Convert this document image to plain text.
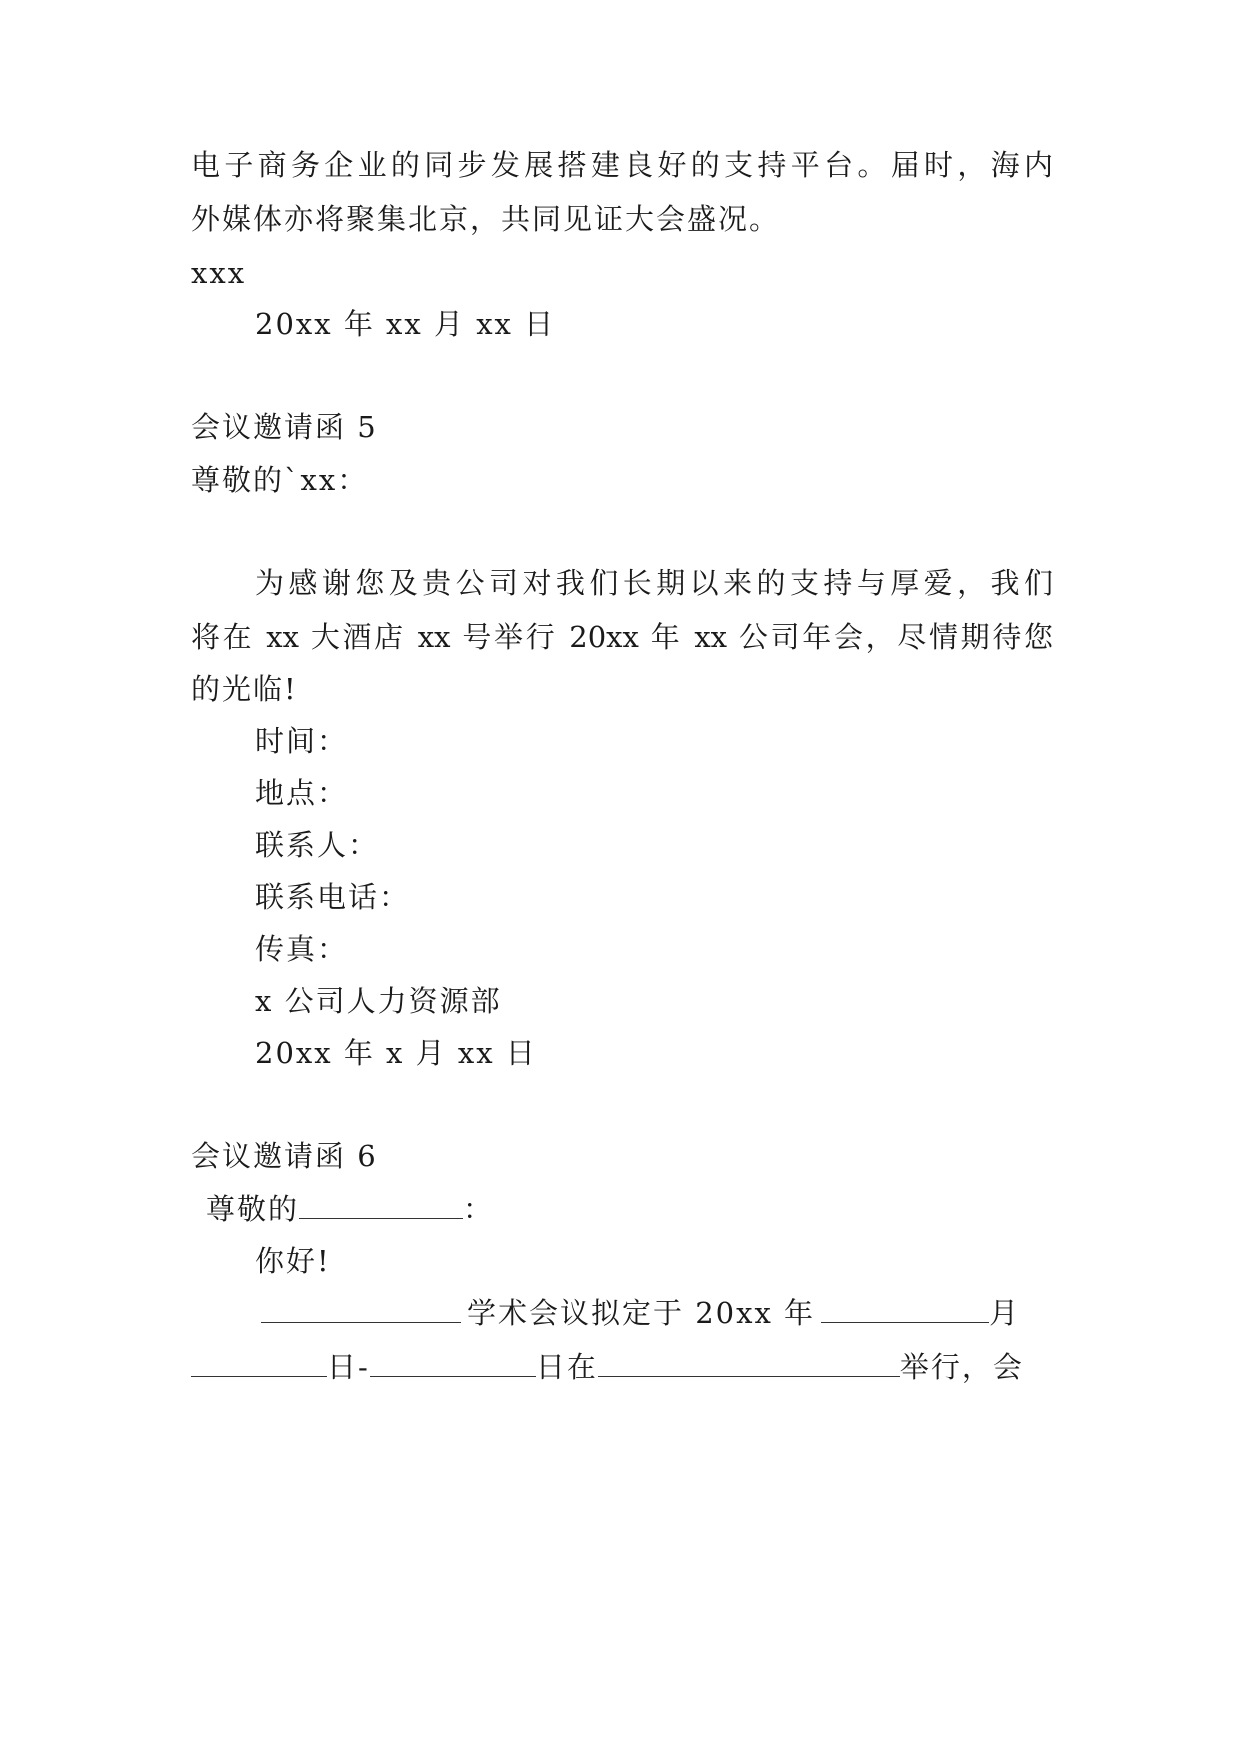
电子商务企业的同步发展搭建良好的支持平台。届时，海内
外媒体亦将聚集北京，共同见证大会盛况。
xxx
20xx 年 xx 月 xx 日
会议邀请函 5
尊敬的`xx：
为感谢您及贵公司对我们长期以来的支持与厚爱，我们
将在 xx 大酒店 xx 号举行 20xx 年 xx 公司年会，尽情期待您
的光临!
时间：
地点：
联系人：
联系电话：
传真：
x 公司人力资源部
20xx 年 x 月 xx 日
会议邀请函 6
尊敬的	：
你好!
学术会议拟定于 20xx 年	月
日-	日在	举行，会
